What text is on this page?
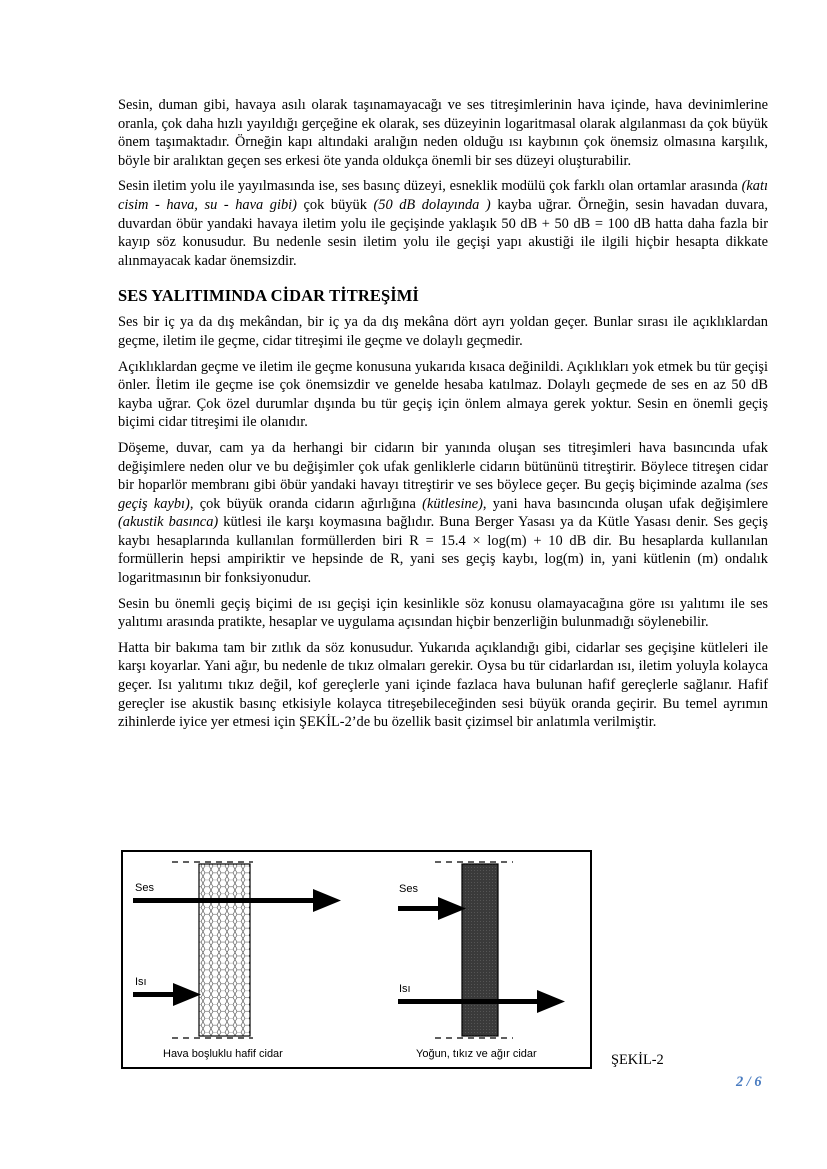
Sesin, duman gibi, havaya asılı olarak taşınamayacağı ve ses titreşimlerinin hava içinde, hava devinimlerine oranla, çok daha hızlı yayıldığı gerçeğine ek olarak, ses düzeyinin logaritmasal olarak algılanması da çok büyük önem taşımaktadır. Örneğin kapı altındaki aralığın neden olduğu ısı kaybının çok önemsiz olmasına karşılık, böyle bir aralıktan geçen ses erkesi öte yanda oldukça önemli bir ses düzeyi oluşturabilir.

Sesin iletim yolu ile yayılmasında ise, ses basınç düzeyi, esneklik modülü çok farklı olan ortamlar arasında (katı cisim - hava, su - hava gibi) çok büyük (50 dB dolayında ) kayba uğrar. Örneğin, sesin havadan duvara, duvardan öbür yandaki havaya iletim yolu ile geçişinde yaklaşık 50 dB + 50 dB = 100 dB hatta daha fazla bir kayıp söz konusudur. Bu nedenle sesin iletim yolu ile geçişi yapı akustiği ile ilgili hiçbir hesapta dikkate alınmayacak kadar önemsizdir.

SES YALITIMINDA CİDAR TİTREŞİMİ

Ses bir iç ya da dış mekândan, bir iç ya da dış mekâna dört ayrı yoldan geçer. Bunlar sırası ile açıklıklardan geçme, iletim ile geçme, cidar titreşimi ile geçme ve dolaylı geçmedir.

Açıklıklardan geçme ve iletim ile geçme konusuna yukarıda kısaca değinildi. Açıklıkları yok etmek bu tür geçişi önler. İletim ile geçme ise çok önemsizdir ve genelde hesaba katılmaz. Dolaylı geçmede de ses en az 50 dB kayba uğrar. Çok özel durumlar dışında bu tür geçiş için önlem almaya gerek yoktur. Sesin en önemli geçiş biçimi cidar titreşimi ile olanıdır.

Döşeme, duvar, cam ya da herhangi bir cidarın bir yanında oluşan ses titreşimleri hava basıncında ufak değişimlere neden olur ve bu değişimler çok ufak genliklerle cidarın bütününü titreştirir. Böylece titreşen cidar bir hoparlör membranı gibi öbür yandaki havayı titreştirir ve ses böylece geçer. Bu geçiş biçiminde azalma (ses geçiş kaybı), çok büyük oranda cidarın ağırlığına (kütlesine), yani hava basıncında oluşan ufak değişimlere (akustik basınca) kütlesi ile karşı koymasına bağlıdır. Buna Berger Yasası ya da Kütle Yasası denir. Ses geçiş kaybı hesaplarında kullanılan formüllerden biri R = 15.4 × log(m) + 10 dB dir. Bu hesaplarda kullanılan formüllerin hepsi ampiriktir ve hepsinde de R, yani ses geçiş kaybı, log(m) in, yani kütlenin (m) ondalık logaritmasının bir fonksiyonudur.

Sesin bu önemli geçiş biçimi de ısı geçişi için kesinlikle söz konusu olamayacağına göre ısı yalıtımı ile ses yalıtımı arasında pratikte, hesaplar ve uygulama açısından hiçbir benzerliğin bulunmadığı söylenebilir.

Hatta bir bakıma tam bir zıtlık da söz konusudur. Yukarıda açıklandığı gibi, cidarlar ses geçişine kütleleri ile karşı koyarlar. Yani ağır, bu nedenle de tıkız olmaları gerekir. Oysa bu tür cidarlardan ısı, iletim yoluyla kolayca geçer. Isı yalıtımı tıkız değil, kof gereçlerle yani içinde fazlaca hava bulunan hafif gereçlerle sağlanır. Hafif gereçler ise akustik basınç etkisiyle kolayca titreşebileceğinden sesi büyük oranda geçirir. Bu temel ayrımın zihinlerde iyice yer etmesi için ŞEKİL-2’de bu özellik basit çizimsel bir anlatımla verilmiştir.

Ses
Isı
Hava boşluklu hafif cidar
Ses
Isı
Yoğun, tıkız ve ağır cidar	ŞEKİL-2
2 / 6
